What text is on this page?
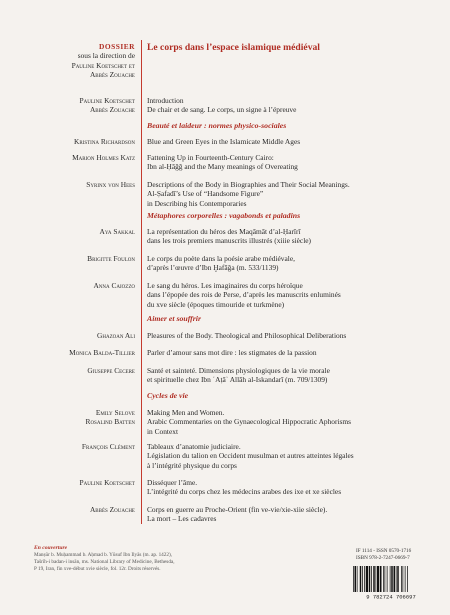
DOSSIER
sous la direction de
Pauline Koetschet et
Abbès Zouache
Le corps dans l’espace islamique médiéval
Pauline Koetschet
Abbès Zouache
Introduction
De chair et de sang. Le corps, un signe à l’épreuve
Beauté et laideur : normes physico-sociales
Kristina Richardson Blue and Green Eyes in the Islamicate Middle Ages
Marion Holmes Katz Fattening Up in Fourteenth-Century Cairo:
Ibn al-Ḥāǧǧ and the Many meanings of Overeating
Syrinx von Hees Descriptions of the Body in Biographies and Their Social Meanings.
Al-Ṣafadī’s Use of “Handsome Figure”
in Describing his Contemporaries
Métaphores corporelles : vagabonds et paladins
Aya Sakkal La représentation du héros des Maqāmāt d’al-Ḥarīrī
dans les trois premiers manuscrits illustrés (xiiie siècle)
Brigitte Foulon Le corps du poète dans la poésie arabe médiévale,
d’après l’œuvre d’Ibn Ḫafāǧa (m. 533/1139)
Anna Caiozzo Le sang du héros. Les imaginaires du corps héroïque
dans l’épopée des rois de Perse, d’après les manuscrits enluminés
du xve siècle (époques timouride et turkmène)
Aimer et souffrir
Ghazoan Ali Pleasures of the Body. Theological and Philosophical Deliberations
Monica Balda-Tillier Parler d’amour sans mot dire : les stigmates de la passion
Giuseppe Cecere Santé et sainteté. Dimensions physiologiques de la vie morale
et spirituelle chez Ibn ʿAṭāʾ Allāh al-Iskandarī (m. 709/1309)
Cycles de vie
Emily Selove
Rosalind Batten
Making Men and Women.
Arabic Commentaries on the Gynaecological Hippocratic Aphorisms
in Context
François Clément Tableaux d’anatomie judiciaire.
Législation du talion en Occident musulman et autres atteintes légales
à l’intégrité physique du corps
Pauline Koetschet Disséquer l’âme.
L’intégrité du corps chez les médecins arabes des ixe et xe siècles
Abbès Zouache Corps en guerre au Proche-Orient (fin ve-vie/xie-xiie siècle).
La mort – Les cadavres
En couverture
Manṣūr b. Muḥammad b. Aḥmad b. Yūsuf Ibn Ilyās (m. ap. 1422),
Tašrīh-i badan-i insān, ms. National Library of Medicine, Bethesda,
P 19, Iran, fin xve-début xvie siècle, fol. 12r. Droits réservés.
IF 1114 - ISSN 0570-1716
ISBN 978-2-7247-0669-7
9 782724 706697
